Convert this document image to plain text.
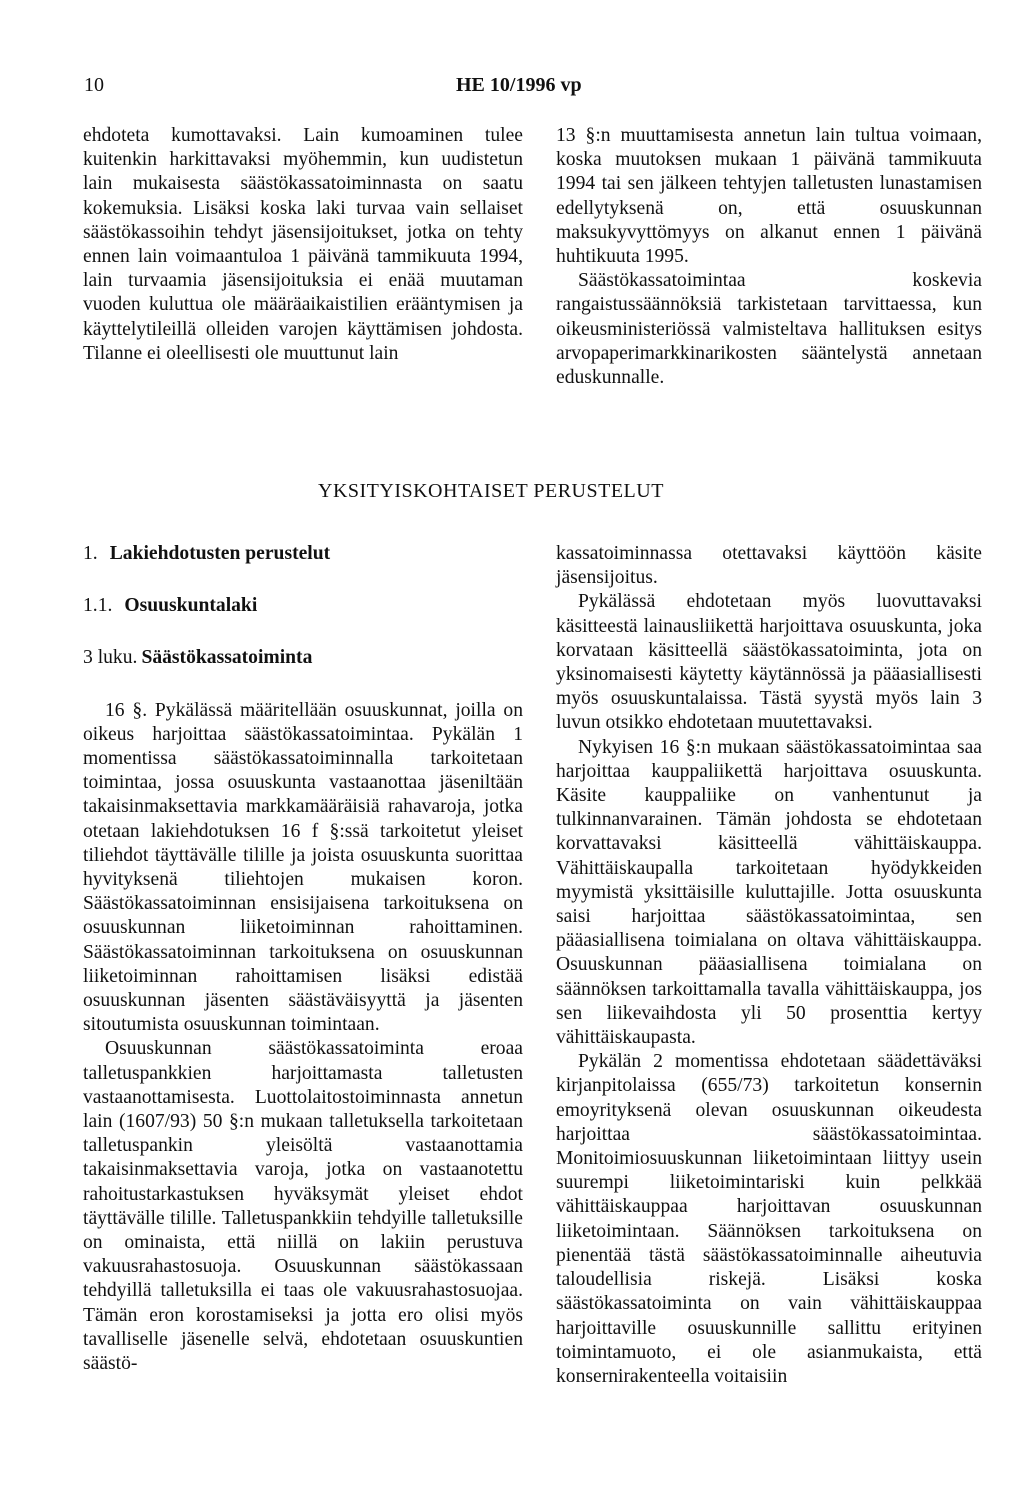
10	HE 10/1996 vp

ehdoteta kumottavaksi. Lain kumoaminen tulee kuitenkin harkittavaksi myöhemmin, kun uudistetun lain mukaisesta säästökassatoiminnasta on saatu kokemuksia. Lisäksi koska laki turvaa vain sellaiset säästökassoihin tehdyt jäsensijoitukset, jotka on tehty ennen lain voimaantuloa 1 päivänä tammikuuta 1994, lain turvaamia jäsensijoituksia ei enää muutaman vuoden kuluttua ole määräaikaistilien erääntymisen ja käyttelytileillä olleiden varojen käyttämisen johdosta. Tilanne ei oleellisesti ole muuttunut lain

13 §:n muuttamisesta annetun lain tultua voimaan, koska muutoksen mukaan 1 päivänä tammikuuta 1994 tai sen jälkeen tehtyjen talletusten lunastamisen edellytyksenä on, että osuuskunnan maksukyvyttömyys on alkanut ennen 1 päivänä huhtikuuta 1995.

Säästökassatoimintaa koskevia rangaistussäännöksiä tarkistetaan tarvittaessa, kun oikeusministeriössä valmisteltava hallituksen esitys arvopaperimarkkinarikosten sääntelystä annetaan eduskunnalle.

YKSITYISKOHTAISET PERUSTELUT
1. Lakiehdotusten perustelut
1.1. Osuuskuntalaki
3 luku. Säästökassatoiminta

16 §. Pykälässä määritellään osuuskunnat, joilla on oikeus harjoittaa säästökassatoimintaa. Pykälän 1 momentissa säästökassatoiminnalla tarkoitetaan toimintaa, jossa osuuskunta vastaanottaa jäseniltään takaisinmaksettavia markkamääräisiä rahavaroja, jotka otetaan lakiehdotuksen 16 f §:ssä tarkoitetut yleiset tiliehdot täyttävälle tilille ja joista osuuskunta suorittaa hyvityksenä tiliehtojen mukaisen koron. Säästökassatoiminnan ensisijaisena tarkoituksena on osuuskunnan liiketoiminnan rahoittaminen. Säästökassatoiminnan tarkoituksena on osuuskunnan liiketoiminnan rahoittamisen lisäksi edistää osuuskunnan jäsenten säästäväisyyttä ja jäsenten sitoutumista osuuskunnan toimintaan.

Osuuskunnan säästökassatoiminta eroaa talletuspankkien harjoittamasta talletusten vastaanottamisesta. Luottolaitostoiminnasta annetun lain (1607/93) 50 §:n mukaan talletuksella tarkoitetaan talletuspankin yleisöltä vastaanottamia takaisinmaksettavia varoja, jotka on vastaanotettu rahoitustarkastuksen hyväksymät yleiset ehdot täyttävälle tilille. Talletuspankkiin tehdyille talletuksille on ominaista, että niillä on lakiin perustuva vakuusrahastosuoja. Osuuskunnan säästökassaan tehdyillä talletuksilla ei taas ole vakuusrahastosuojaa. Tämän eron korostamiseksi ja jotta ero olisi myös tavalliselle jäsenelle selvä, ehdotetaan osuuskuntien säästö-

kassatoiminnassa otettavaksi käyttöön käsite jäsensijoitus.

Pykälässä ehdotetaan myös luovuttavaksi käsitteestä lainausliikettä harjoittava osuuskunta, joka korvataan käsitteellä säästökassatoiminta, jota on yksinomaisesti käytetty käytännössä ja pääasiallisesti myös osuuskuntalaissa. Tästä syystä myös lain 3 luvun otsikko ehdotetaan muutettavaksi.

Nykyisen 16 §:n mukaan säästökassatoimintaa saa harjoittaa kauppaliikettä harjoittava osuuskunta. Käsite kauppaliike on vanhentunut ja tulkinnanvarainen. Tämän johdosta se ehdotetaan korvattavaksi käsitteellä vähittäiskauppa. Vähittäiskaupalla tarkoitetaan hyödykkeiden myymistä yksittäisille kuluttajille. Jotta osuuskunta saisi harjoittaa säästökassatoimintaa, sen pääasiallisena toimialana on oltava vähittäiskauppa. Osuuskunnan pääasiallisena toimialana on säännöksen tarkoittamalla tavalla vähittäiskauppa, jos sen liikevaihdosta yli 50 prosenttia kertyy vähittäiskaupasta.

Pykälän 2 momentissa ehdotetaan säädettäväksi kirjanpitolaissa (655/73) tarkoitetun konsernin emoyrityksenä olevan osuuskunnan oikeudesta harjoittaa säästökassatoimintaa. Monitoimiosuuskunnan liiketoimintaan liittyy usein suurempi liiketoimintariski kuin pelkkää vähittäiskauppaa harjoittavan osuuskunnan liiketoimintaan. Säännöksen tarkoituksena on pienentää tästä säästökassatoiminnalle aiheutuvia taloudellisia riskejä. Lisäksi koska säästökassatoiminta on vain vähittäiskauppaa harjoittaville osuuskunnille sallittu erityinen toimintamuoto, ei ole asianmukaista, että konsernirakenteella voitaisiin
